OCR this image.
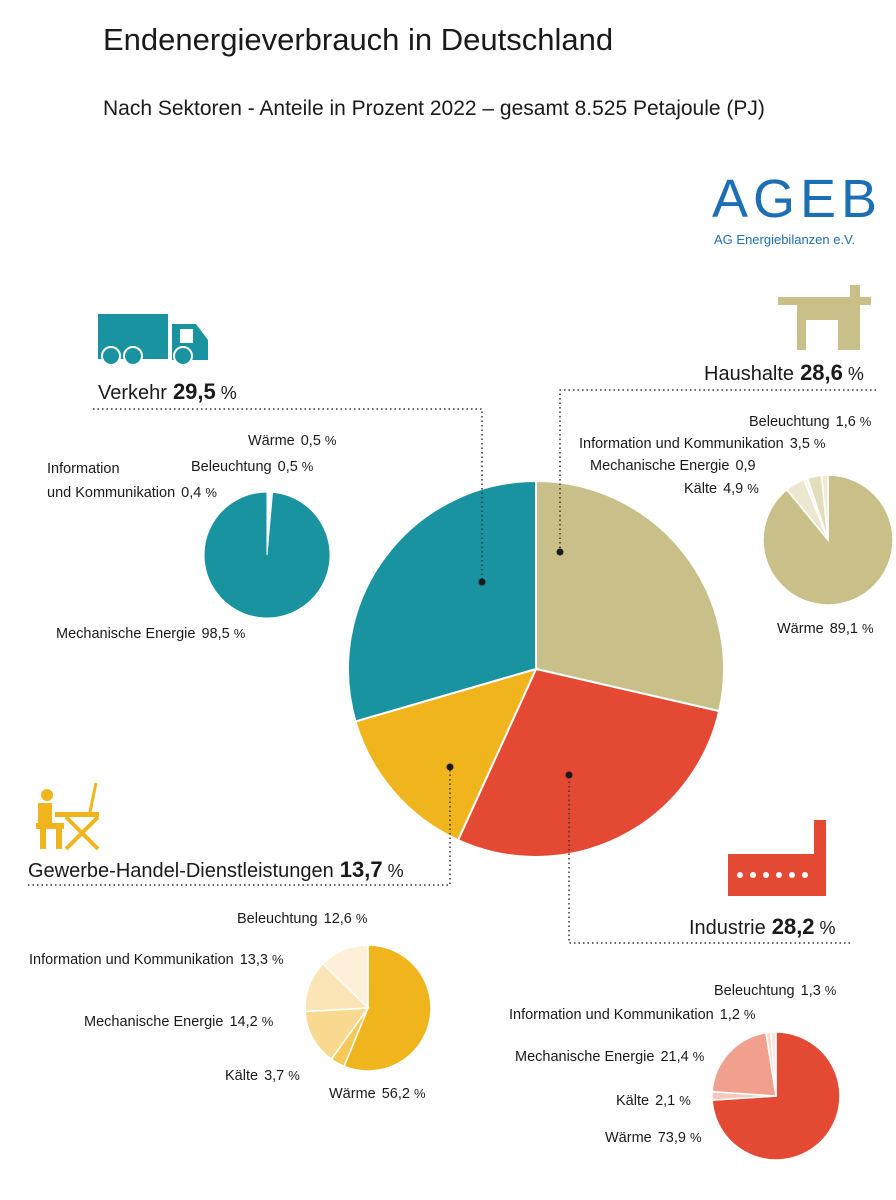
Endenergieverbrauch in Deutschland
Nach Sektoren - Anteile in Prozent 2022 – gesamt 8.525 Petajoule (PJ)
AGEB
AG Energiebilanzen e.V.
Verkehr 29,5 %
Haushalte 28,6 %
Gewerbe-Handel-Dienstleistungen 13,7 %
Industrie 28,2 %
Wärme 0,5 %
Beleuchtung 0,5 %
Information
und Kommunikation 0,4 %
Mechanische Energie 98,5 %
Beleuchtung 1,6 %
Information und Kommunikation 3,5 %
Mechanische Energie 0,9
Kälte 4,9 %
Wärme 89,1 %
Beleuchtung 12,6 %
Information und Kommunikation 13,3 %
Mechanische Energie 14,2 %
Kälte 3,7 %
Wärme 56,2 %
Beleuchtung 1,3 %
Information und Kommunikation 1,2 %
Mechanische Energie 21,4 %
Kälte 2,1 %
Wärme 73,9 %
